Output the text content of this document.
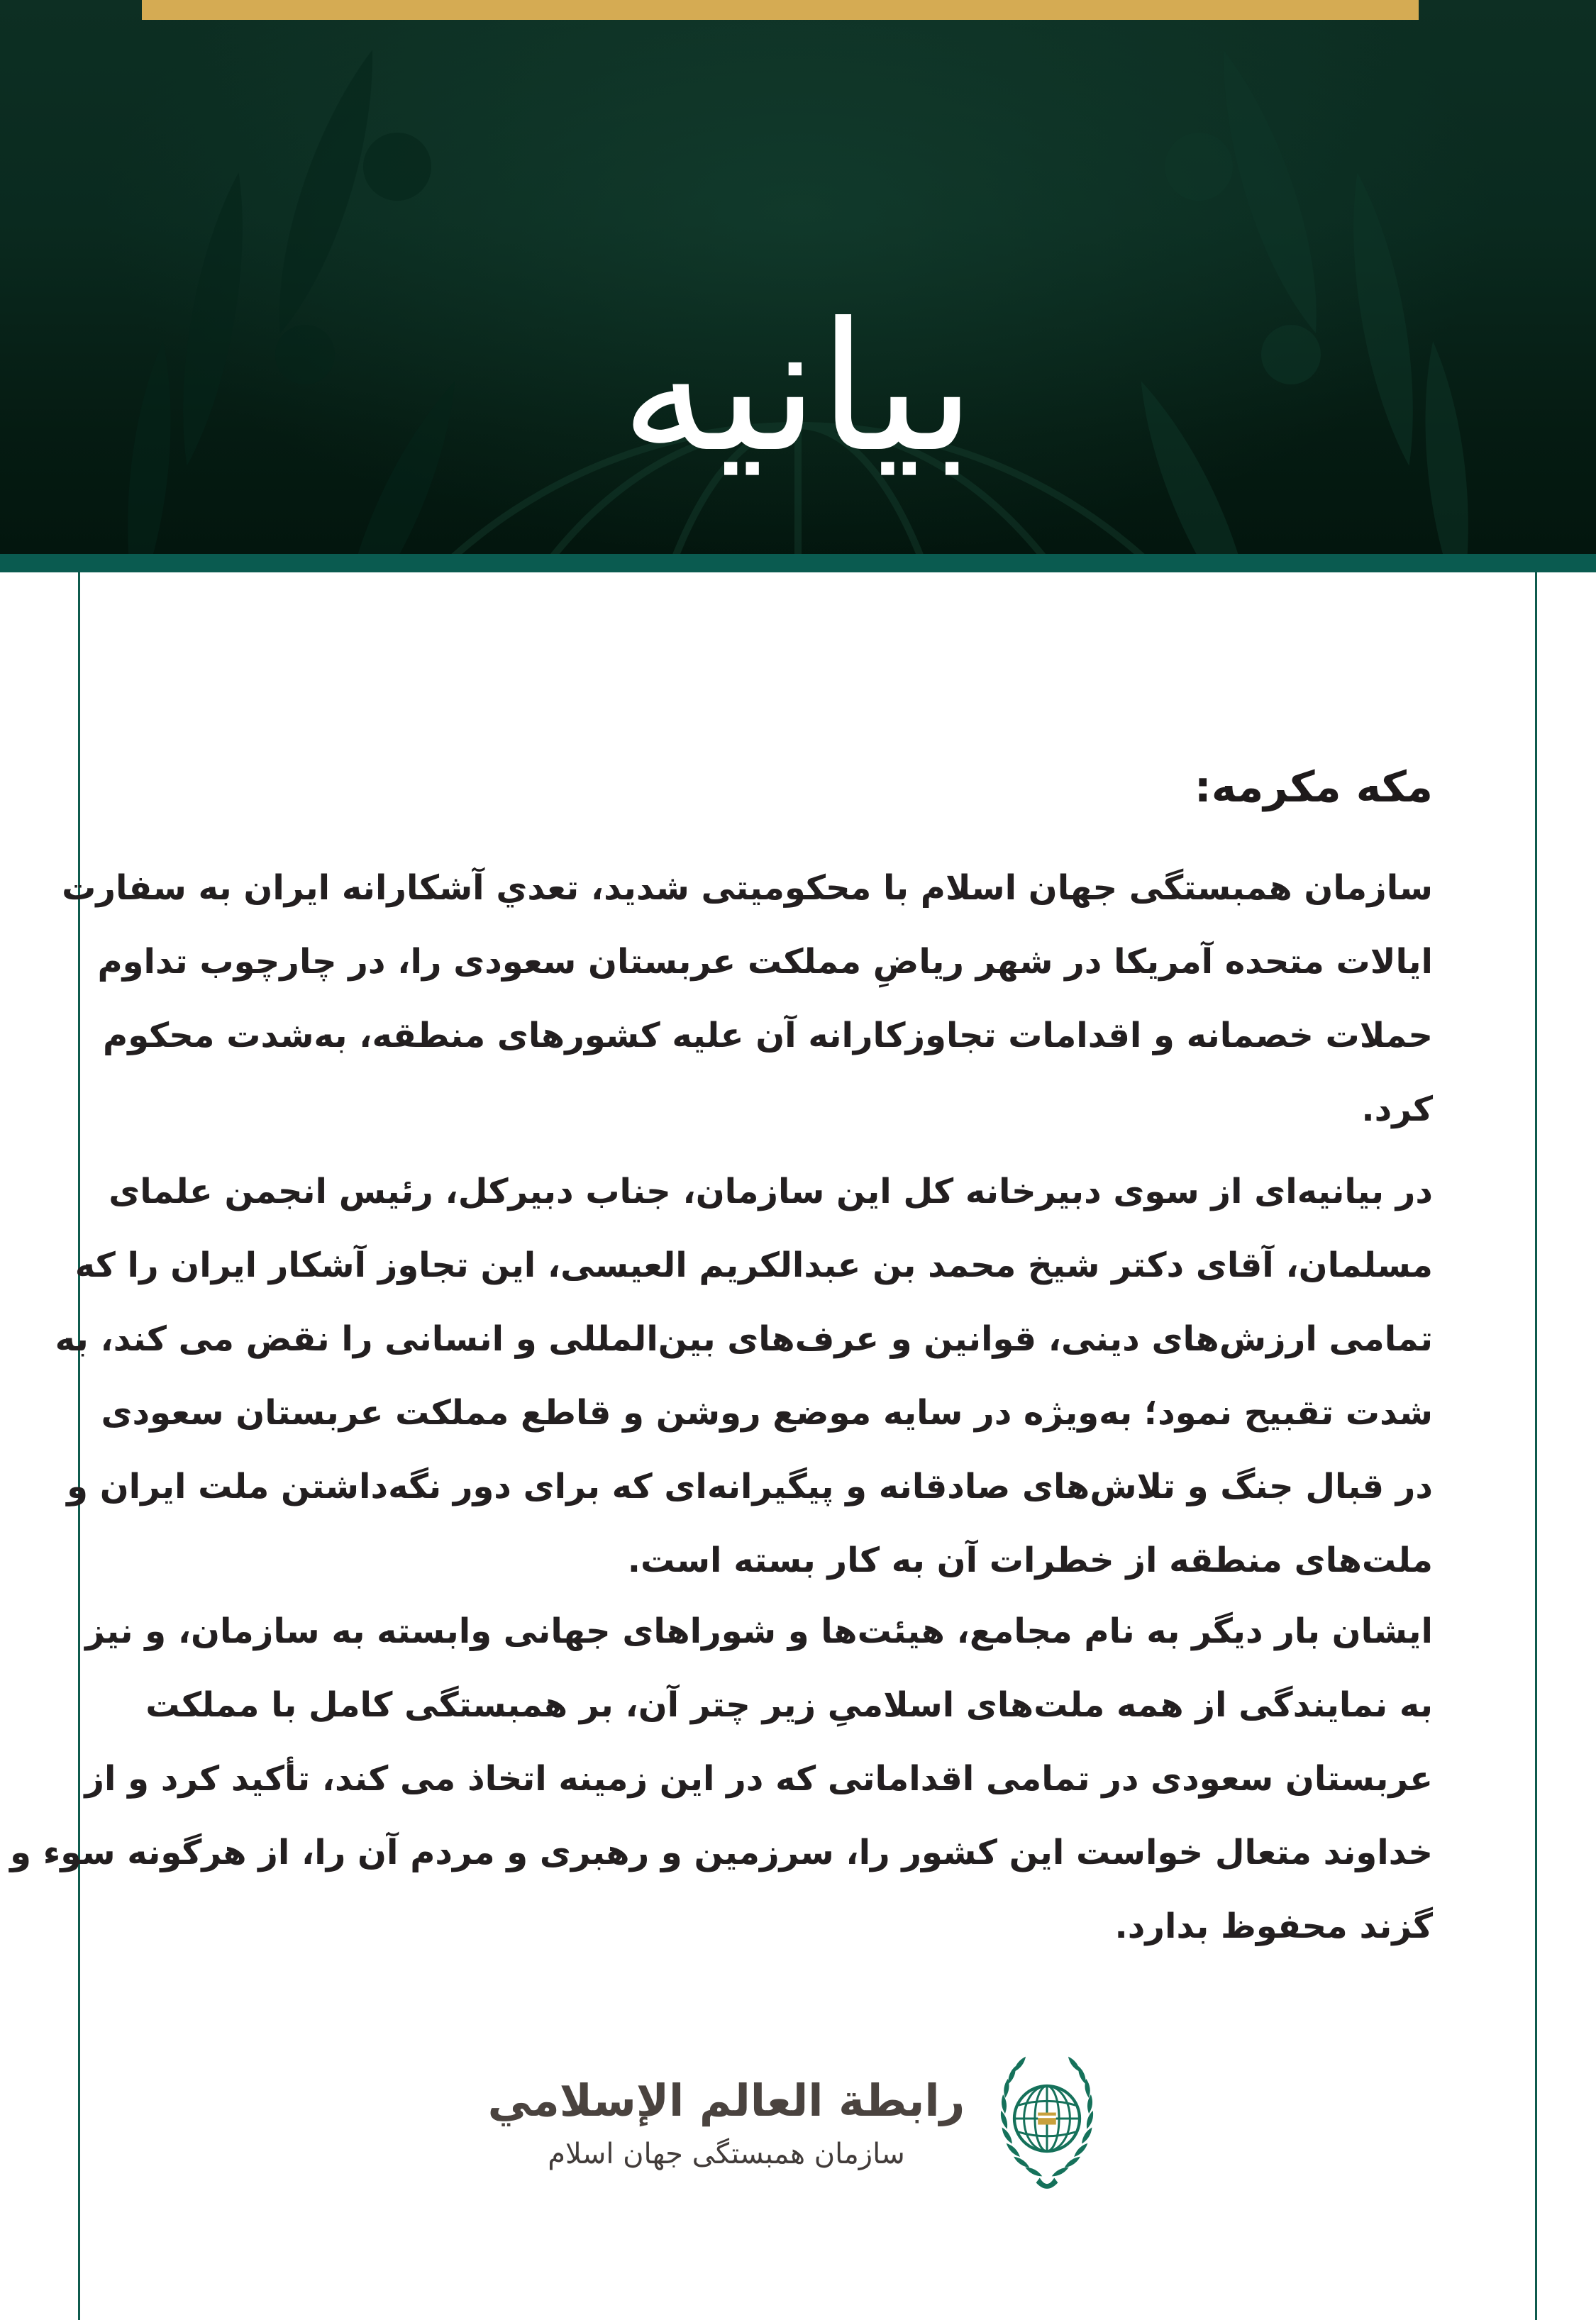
بیانیه
مکه مکرمه:
سازمان همبستگی جهان اسلام با محکومیتی شدید، تعدي آشکارانه ایران به سفارت
ایالات متحده آمریکا در شهر ریاضِ مملکت عربستان سعودی را، در چارچوب تداوم
حملات خصمانه و اقدامات تجاوزکارانه آن علیه کشورهای منطقه، به‌شدت محکوم
کرد.
در بیانیه‌ای از سوی دبیرخانه کل این سازمان، جناب دبیرکل، رئیس انجمن علمای
مسلمان، آقای دکتر شیخ محمد بن عبدالکریم العیسی، این تجاوز آشکار ایران را که
تمامی ارزش‌های دینی، قوانین و عرف‌های بین‌المللی و انسانی را نقض می کند، به
شدت تقبیح نمود؛ به‌ویژه در سایه موضع روشن و قاطع مملکت عربستان سعودی
در قبال جنگ و تلاش‌های صادقانه و پیگیرانه‌ای که برای دور نگه‌داشتن ملت ایران و
ملت‌های منطقه از خطرات آن به کار بسته است.
ایشان بار دیگر به نام مجامع، هیئت‌ها و شوراهای جهانی وابسته به سازمان، و نیز
به نمایندگی از همه ملت‌های اسلامیِ زیر چتر آن، بر همبستگی کامل با مملکت
عربستان سعودی در تمامی اقداماتی که در این زمینه اتخاذ می کند، تأکید کرد و از
خداوند متعال خواست این کشور را، سرزمین و رهبری و مردم آن را، از هرگونه سوء و
گزند محفوظ بدارد.
رابطة العالم الإسلامي
سازمان همبستگی جهان اسلام
